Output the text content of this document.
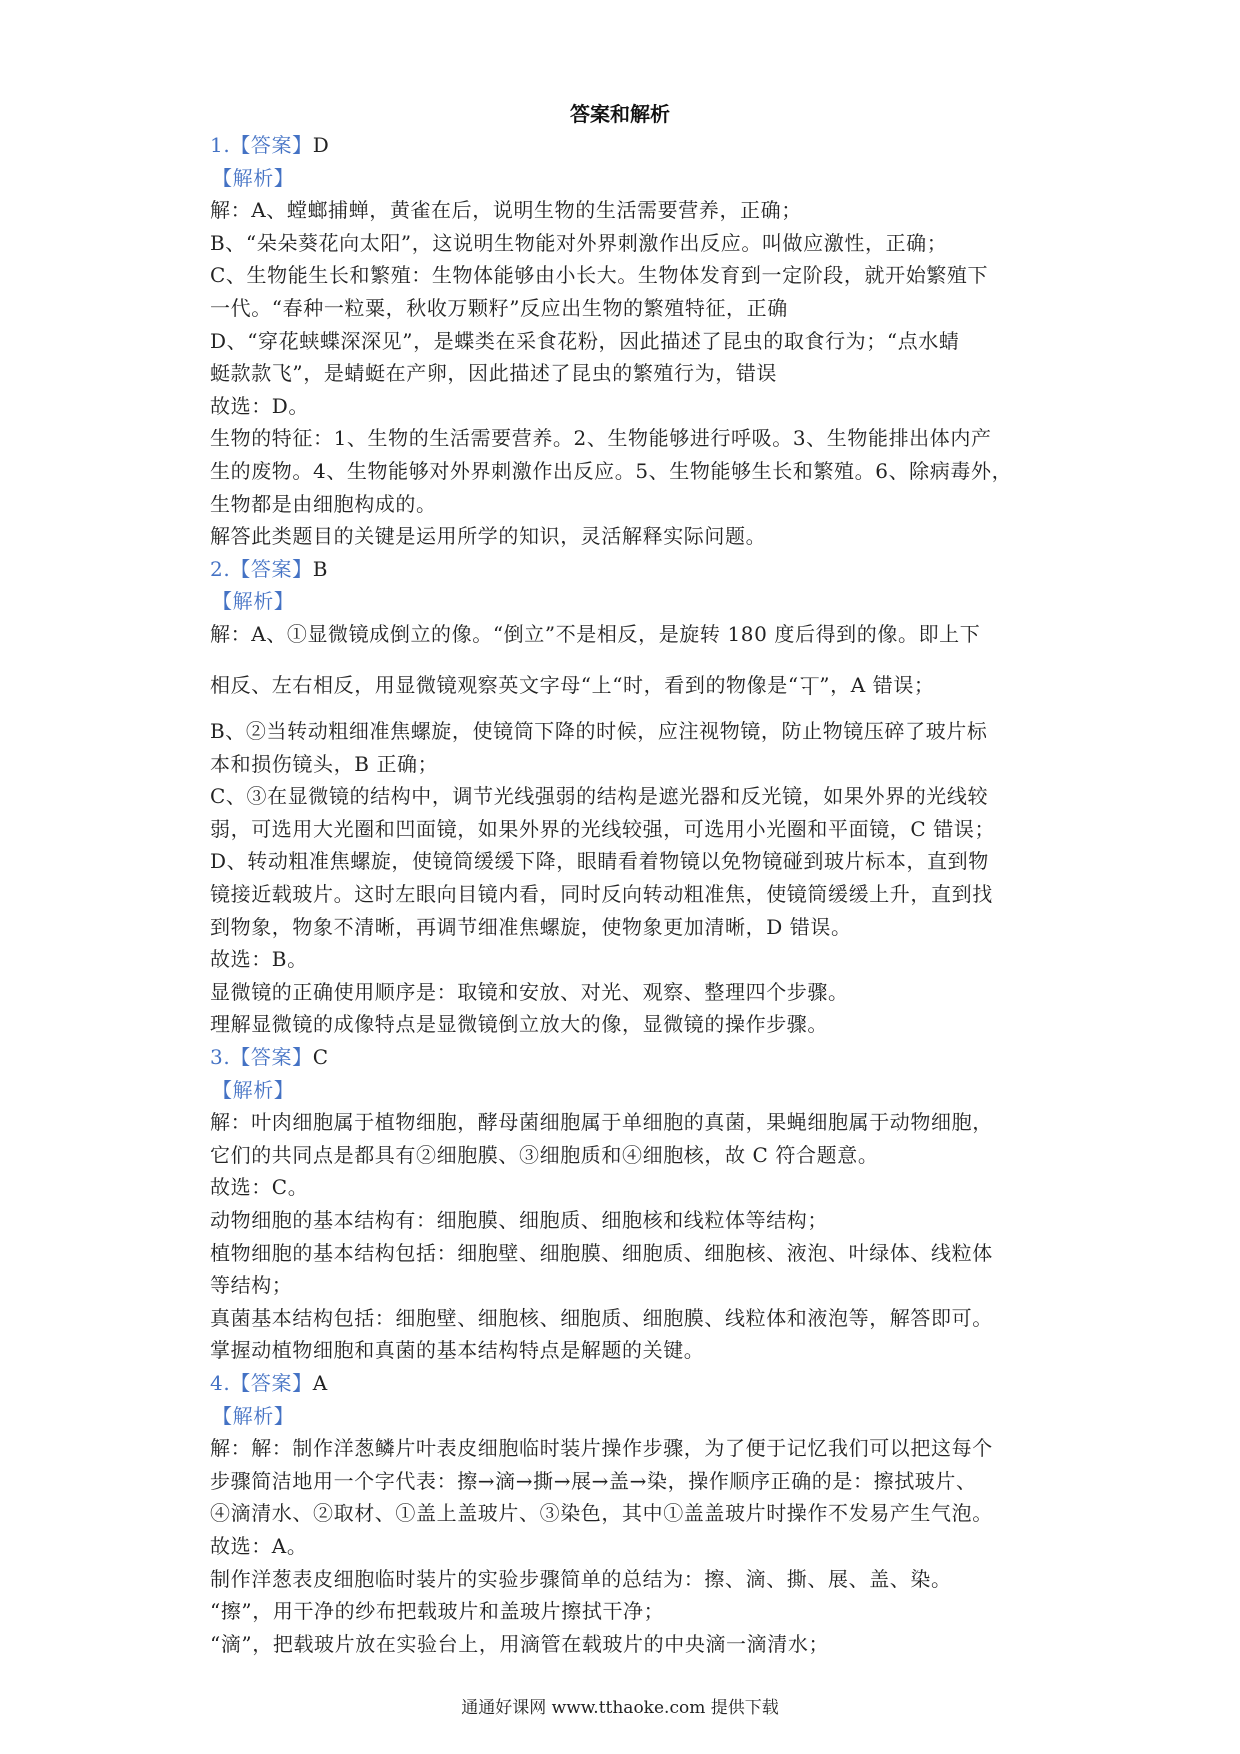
答案和解析

1.【答案】D

【解析】

解：A、螳螂捕蝉，黄雀在后，说明生物的生活需要营养，正确；

B、“朵朵葵花向太阳”，这说明生物能对外界刺激作出反应。叫做应激性，正确；

C、生物能生长和繁殖：生物体能够由小长大。生物体发育到一定阶段，就开始繁殖下

一代。“春种一粒粟，秋收万颗籽”反应出生物的繁殖特征，正确

D、“穿花蛱蝶深深见”，是蝶类在采食花粉，因此描述了昆虫的取食行为；“点水蜻

蜓款款飞”，是蜻蜓在产卵，因此描述了昆虫的繁殖行为，错误

故选：D。

生物的特征：1、生物的生活需要营养。2、生物能够进行呼吸。3、生物能排出体内产

生的废物。4、生物能够对外界刺激作出反应。5、生物能够生长和繁殖。6、除病毒外，

生物都是由细胞构成的。

解答此类题目的关键是运用所学的知识，灵活解释实际问题。

2.【答案】B

【解析】

解：A、①显微镜成倒立的像。“倒立”不是相反，是旋转 180 度后得到的像。即上下

相反、左右相反，用显微镜观察英文字母“上“时，看到的物像是“上”，A 错误；

B、②当转动粗细准焦螺旋，使镜筒下降的时候，应注视物镜，防止物镜压碎了玻片标

本和损伤镜头，B 正确；

C、③在显微镜的结构中，调节光线强弱的结构是遮光器和反光镜，如果外界的光线较

弱，可选用大光圈和凹面镜，如果外界的光线较强，可选用小光圈和平面镜，C 错误；

D、转动粗准焦螺旋，使镜筒缓缓下降，眼睛看着物镜以免物镜碰到玻片标本，直到物

镜接近载玻片。这时左眼向目镜内看，同时反向转动粗准焦，使镜筒缓缓上升，直到找

到物象，物象不清晰，再调节细准焦螺旋，使物象更加清晰，D 错误。

故选：B。

显微镜的正确使用顺序是：取镜和安放、对光、观察、整理四个步骤。

理解显微镜的成像特点是显微镜倒立放大的像，显微镜的操作步骤。

3.【答案】C

【解析】

解：叶肉细胞属于植物细胞，酵母菌细胞属于单细胞的真菌，果蝇细胞属于动物细胞，

它们的共同点是都具有②细胞膜、③细胞质和④细胞核，故 C 符合题意。

故选：C。

动物细胞的基本结构有：细胞膜、细胞质、细胞核和线粒体等结构；

植物细胞的基本结构包括：细胞壁、细胞膜、细胞质、细胞核、液泡、叶绿体、线粒体

等结构；

真菌基本结构包括：细胞壁、细胞核、细胞质、细胞膜、线粒体和液泡等，解答即可。

掌握动植物细胞和真菌的基本结构特点是解题的关键。

4.【答案】A

【解析】

解：解：制作洋葱鳞片叶表皮细胞临时装片操作步骤，为了便于记忆我们可以把这每个

步骤简洁地用一个字代表：擦→滴→撕→展→盖→染，操作顺序正确的是：擦拭玻片、

④滴清水、②取材、①盖上盖玻片、③染色，其中①盖盖玻片时操作不发易产生气泡。

故选：A。

制作洋葱表皮细胞临时装片的实验步骤简单的总结为：擦、滴、撕、展、盖、染。

“擦”，用干净的纱布把载玻片和盖玻片擦拭干净；

“滴”，把载玻片放在实验台上，用滴管在载玻片的中央滴一滴清水；

通通好课网 www.tthaoke.com 提供下载
